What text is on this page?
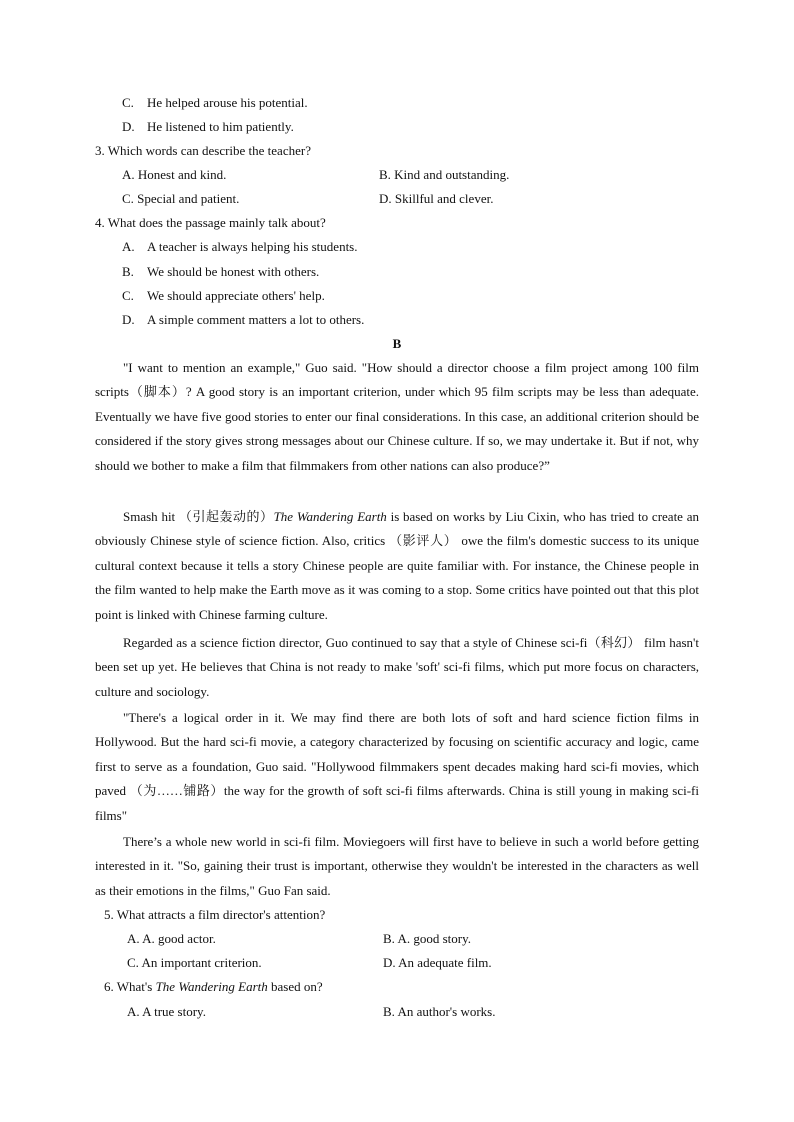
C. He helped arouse his potential.
D. He listened to him patiently.
3. Which words can describe the teacher?
A. Honest and kind.	B. Kind and outstanding.
C. Special and patient.	D. Skillful and clever.
4. What does the passage mainly talk about?
A. A teacher is always helping his students.
B. We should be honest with others.
C. We should appreciate others' help.
D. A simple comment matters a lot to others.
B
"I want to mention an example," Guo said. "How should a director choose a film project among 100 film scripts（脚本）? A good story is an important criterion, under which 95 film scripts may be less than adequate. Eventually we have five good stories to enter our final considerations. In this case, an additional criterion should be considered if the story gives strong messages about our Chinese culture. If so, we may undertake it. But if not, why should we bother to make a film that filmmakers from other nations can also produce?”
Smash hit （引起轰动的）The Wandering Earth is based on works by Liu Cixin, who has tried to create an obviously Chinese style of science fiction. Also, critics （影评人） owe the film's domestic success to its unique cultural context because it tells a story Chinese people are quite familiar with. For instance, the Chinese people in the film wanted to help make the Earth move as it was coming to a stop. Some critics have pointed out that this plot point is linked with Chinese farming culture.
Regarded as a science fiction director, Guo continued to say that a style of Chinese sci-fi（科幻） film hasn't been set up yet. He believes that China is not ready to make 'soft' sci-fi films, which put more focus on characters, culture and sociology.
"There's a logical order in it. We may find there are both lots of soft and hard science fiction films in Hollywood. But the hard sci-fi movie, a category characterized by focusing on scientific accuracy and logic, came first to serve as a foundation, Guo said. "Hollywood filmmakers spent decades making hard sci-fi movies, which paved （为……铺路）the way for the growth of soft sci-fi films afterwards. China is still young in making sci-fi films"
There’s a whole new world in sci-fi film. Moviegoers will first have to believe in such a world before getting interested in it. "So, gaining their trust is important, otherwise they wouldn't be interested in the characters as well as their emotions in the films," Guo Fan said.
5. What attracts a film director's attention?
A. A. good actor.	B. A. good story.
C. An important criterion.	D. An adequate film.
6. What's The Wandering Earth based on?
A. A true story.	B. An author's works.
